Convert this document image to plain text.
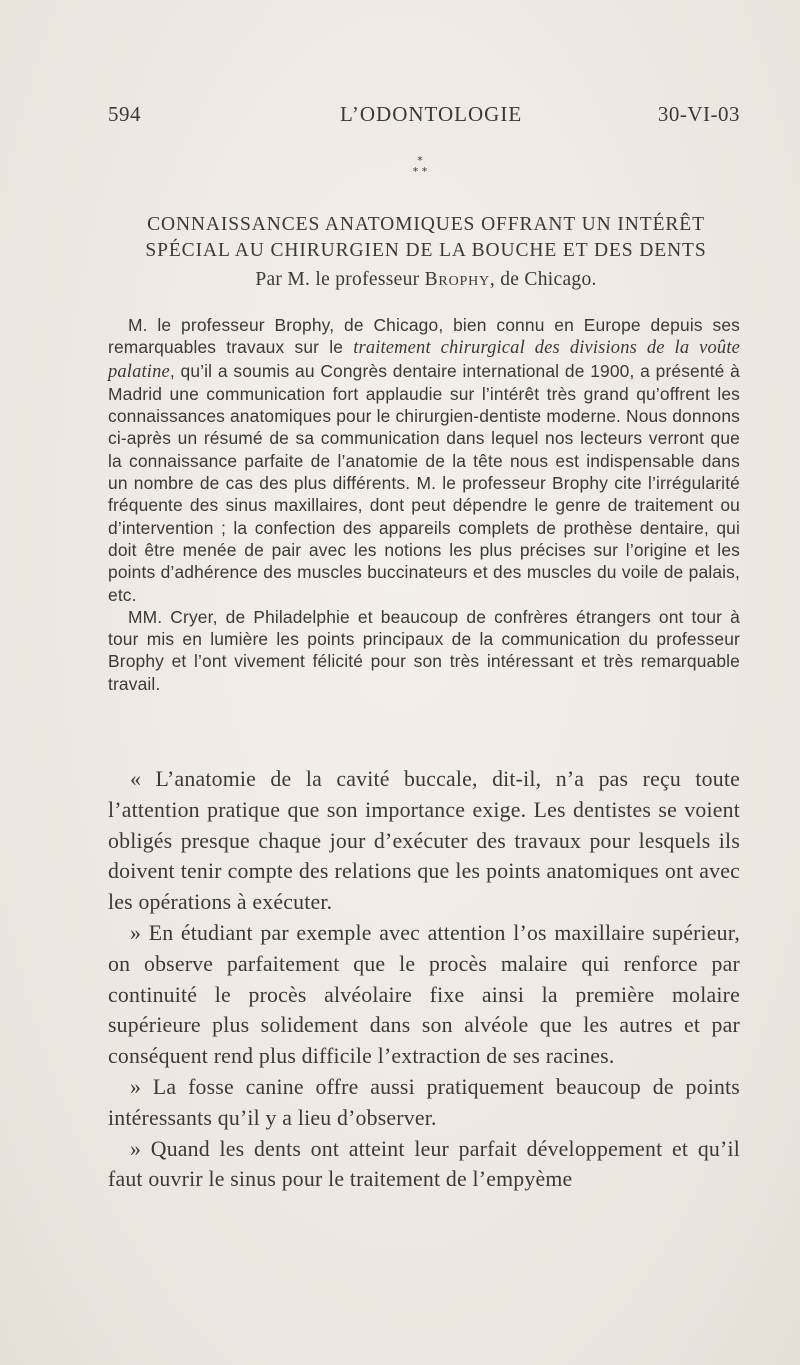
594	L’ODONTOLOGIE	30-VI-03
*
* *
CONNAISSANCES ANATOMIQUES OFFRANT UN INTÉRÊT
SPÉCIAL AU CHIRURGIEN DE LA BOUCHE ET DES DENTS
Par M. le professeur Brophy, de Chicago.

M. le professeur Brophy, de Chicago, bien connu en Europe depuis ses remarquables travaux sur le traitement chirurgical des divisions de la voûte palatine, qu’il a soumis au Congrès dentaire international de 1900, a présenté à Madrid une communication fort applaudie sur l’intérêt très grand qu’offrent les connaissances anatomiques pour le chirurgien-dentiste moderne. Nous donnons ci-après un résumé de sa communication dans lequel nos lecteurs verront que la connaissance parfaite de l’anatomie de la tête nous est indispensable dans un nombre de cas des plus différents. M. le professeur Brophy cite l’irrégularité fréquente des sinus maxillaires, dont peut dépendre le genre de traitement ou d’intervention ; la confection des appareils complets de prothèse dentaire, qui doit être menée de pair avec les notions les plus précises sur l’origine et les points d’adhérence des muscles buccinateurs et des muscles du voile de palais, etc.

MM. Cryer, de Philadelphie et beaucoup de confrères étrangers ont tour à tour mis en lumière les points principaux de la communication du professeur Brophy et l’ont vivement félicité pour son très intéressant et très remarquable travail.

« L’anatomie de la cavité buccale, dit-il, n’a pas reçu toute l’attention pratique que son importance exige. Les dentistes se voient obligés presque chaque jour d’exécuter des travaux pour lesquels ils doivent tenir compte des relations que les points anatomiques ont avec les opérations à exécuter.

» En étudiant par exemple avec attention l’os maxillaire supérieur, on observe parfaitement que le procès malaire qui renforce par continuité le procès alvéolaire fixe ainsi la première molaire supérieure plus solidement dans son alvéole que les autres et par conséquent rend plus difficile l’extraction de ses racines.

» La fosse canine offre aussi pratiquement beaucoup de points intéressants qu’il y a lieu d’observer.

» Quand les dents ont atteint leur parfait développement et qu’il faut ouvrir le sinus pour le traitement de l’empyème
